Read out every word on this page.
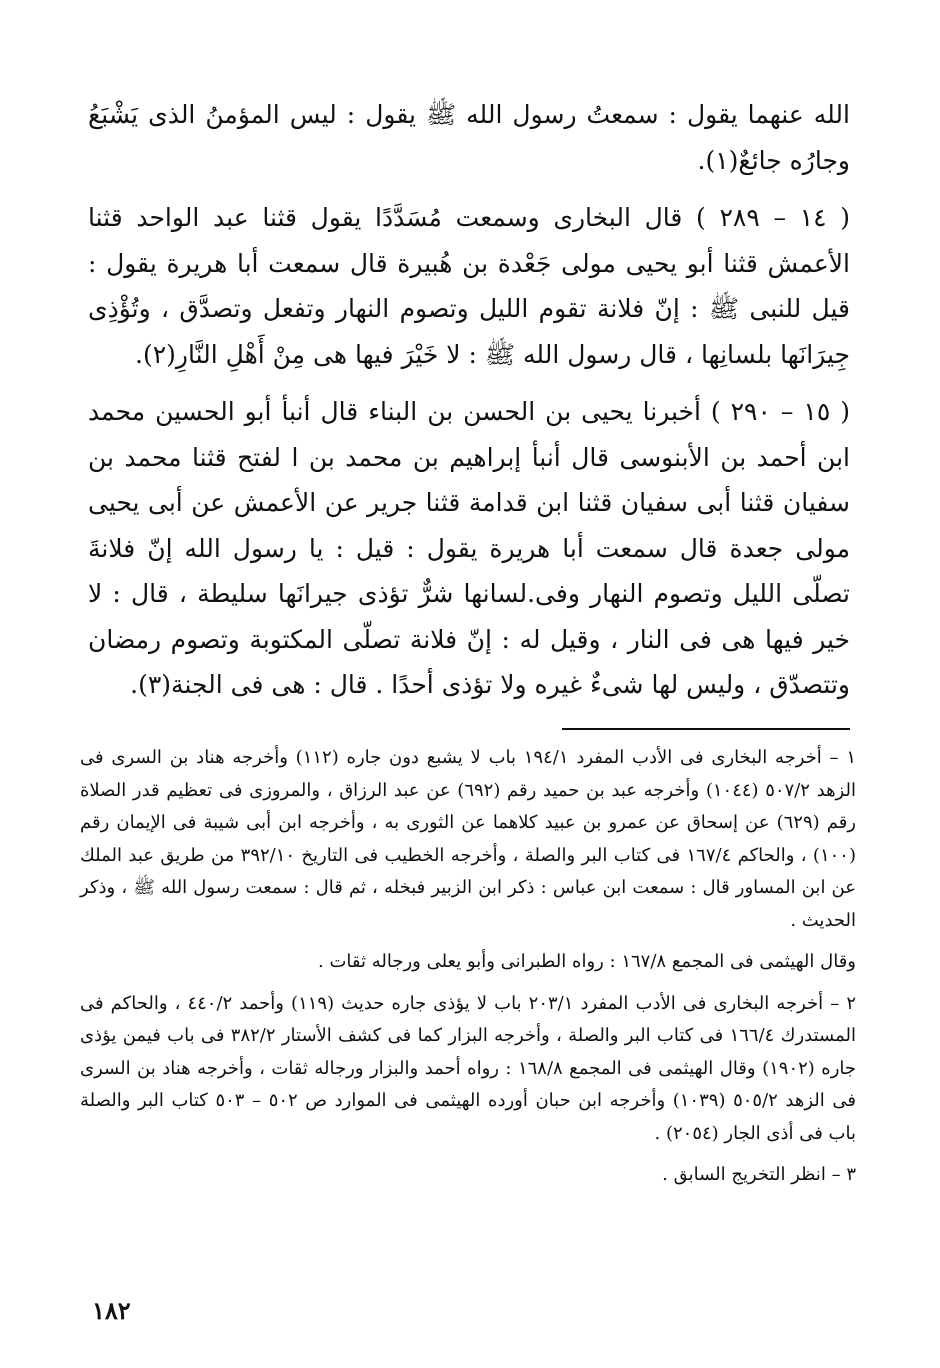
الله عنهما يقول : سمعتُ رسول الله ﷺ يقول : ليس المؤمنُ الذى يَشْبَعُ وجارُه جائعٌ(١).

( ١٤ – ٢٨٩ ) قال البخارى وسمعت مُسَدَّدًا يقول قثنا عبد الواحد قثنا الأعمش قثنا أبو يحيى مولى جَعْدة بن هُبيرة قال سمعت أبا هريرة يقول : قيل للنبى ﷺ : إنّ فلانة تقوم الليل وتصوم النهار وتفعل وتصدَّق ، وتُؤْذِى جِيرَانَها بلسانِها ، قال رسول الله ﷺ : لا خَيْرَ فيها هى مِنْ أَهْلِ النَّارِ(٢).

( ١٥ – ٢٩٠ ) أخبرنا يحيى بن الحسن بن البناء قال أنبأ أبو الحسين محمد ابن أحمد بن الأبنوسى قال أنبأ إبراهيم بن محمد بن ا لفتح قثنا محمد بن سفيان قثنا أبى سفيان قثنا ابن قدامة قثنا جرير عن الأعمش عن أبى يحيى مولى جعدة قال سمعت أبا هريرة يقول : قيل : يا رسول الله إنّ فلانةَ تصلّى الليل وتصوم النهار وفى.لسانها شرٌّ تؤذى جيرانَها سليطة ، قال : لا خير فيها هى فى النار ، وقيل له : إنّ فلانة تصلّى المكتوبة وتصوم رمضان وتتصدّق ، وليس لها شىءٌ غيره ولا تؤذى أحدًا . قال : هى فى الجنة(٣).

١ – أخرجه البخارى فى الأدب المفرد ١٩٤/١ باب لا يشبع دون جاره (١١٢) وأخرجه هناد بن السرى فى الزهد ٥٠٧/٢ (١٠٤٤) وأخرجه عبد بن حميد رقم (٦٩٢) عن عبد الرزاق ، والمروزى فى تعظيم قدر الصلاة رقم (٦٢٩) عن إسحاق عن عمرو بن عبيد كلاهما عن الثورى به ، وأخرجه ابن أبى شيبة فى الإيمان رقم (١٠٠) ، والحاكم ١٦٧/٤ فى كتاب البر والصلة ، وأخرجه الخطيب فى التاريخ ٣٩٢/١٠ من طريق عبد الملك عن ابن المساور قال : سمعت ابن عباس : ذكر ابن الزبير فبخله ، ثم قال : سمعت رسول الله ﷺ ، وذكر الحديث .

وقال الهيثمى فى المجمع ١٦٧/٨ : رواه الطبرانى وأبو يعلى ورجاله ثقات .

٢ – أخرجه البخارى فى الأدب المفرد ٢٠٣/١ باب لا يؤذى جاره حديث (١١٩) وأحمد ٤٤٠/٢ ، والحاكم فى المستدرك ١٦٦/٤ فى كتاب البر والصلة ، وأخرجه البزار كما فى كشف الأستار ٣٨٢/٢ فى باب فيمن يؤذى جاره (١٩٠٢) وقال الهيثمى فى المجمع ١٦٨/٨ : رواه أحمد والبزار ورجاله ثقات ، وأخرجه هناد بن السرى فى الزهد ٥٠٥/٢ (١٠٣٩) وأخرجه ابن حبان أورده الهيثمى فى الموارد ص ٥٠٢ – ٥٠٣ كتاب البر والصلة باب فى أذى الجار (٢٠٥٤) .

٣ – انظر التخريج السابق .

١٨٢
